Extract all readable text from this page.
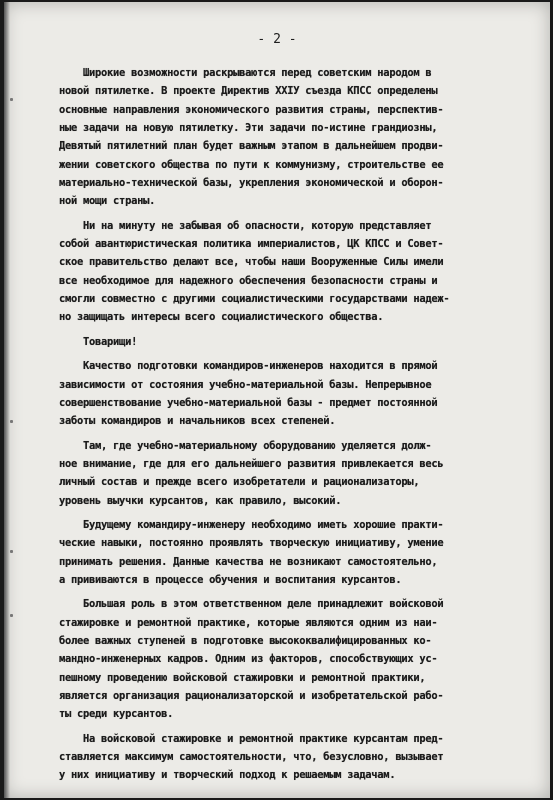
- 2 -
Широкие возможности раскрываются перед советским народом в
новой пятилетке. В проекте Директив XXIУ съезда КПСС определены
основные направления экономического развития страны, перспектив-
ные задачи на новую пятилетку. Эти задачи по-истине грандиозны,
Девятый пятилетний план будет важным этапом в дальнейшем продви-
жении советского общества по пути к коммунизму, строительстве ее
материально-технической базы, укрепления экономической и оборон-
ной мощи страны.
Ни на минуту не забывая об опасности, которую представляет
собой авантюристическая политика империалистов, ЦК КПСС и Совет-
ское правительство делают все, чтобы наши Вооруженные Силы имели
все необходимое для надежного обеспечения безопасности страны и
смогли совместно с другими социалистическими государствами надеж-
но защищать интересы всего социалистического общества.
Товарищи!
Качество подготовки командиров-инженеров находится в прямой
зависимости от состояния учебно-материальной базы. Непрерывное
совершенствование учебно-материальной базы - предмет постоянной
заботы командиров и начальников всех степеней.
Там, где учебно-материальному оборудованию уделяется долж-
ное внимание, где для его дальнейшего развития привлекается весь
личный состав и прежде всего изобретатели и рационализаторы,
уровень выучки курсантов, как правило, высокий.
Будущему командиру-инженеру необходимо иметь хорошие практи-
ческие навыки, постоянно проявлять творческую инициативу, умение
принимать решения. Данные качества не возникают самостоятельно,
а прививаются в процессе обучения и воспитания курсантов.
Большая роль в этом ответственном деле принадлежит войсковой
стажировке и ремонтной практике, которые являются одним из наи-
более важных ступеней в подготовке высококвалифицированных ко-
мандно-инженерных кадров. Одним из факторов, способствующих ус-
пешному проведению войсковой стажировки и ремонтной практики,
является организация рационализаторской и изобретательской рабо-
ты среди курсантов.
На войсковой стажировке и ремонтной практике курсантам пред-
ставляется максимум самостоятельности, что, безусловно, вызывает
у них инициативу и творческий подход к решаемым задачам.
